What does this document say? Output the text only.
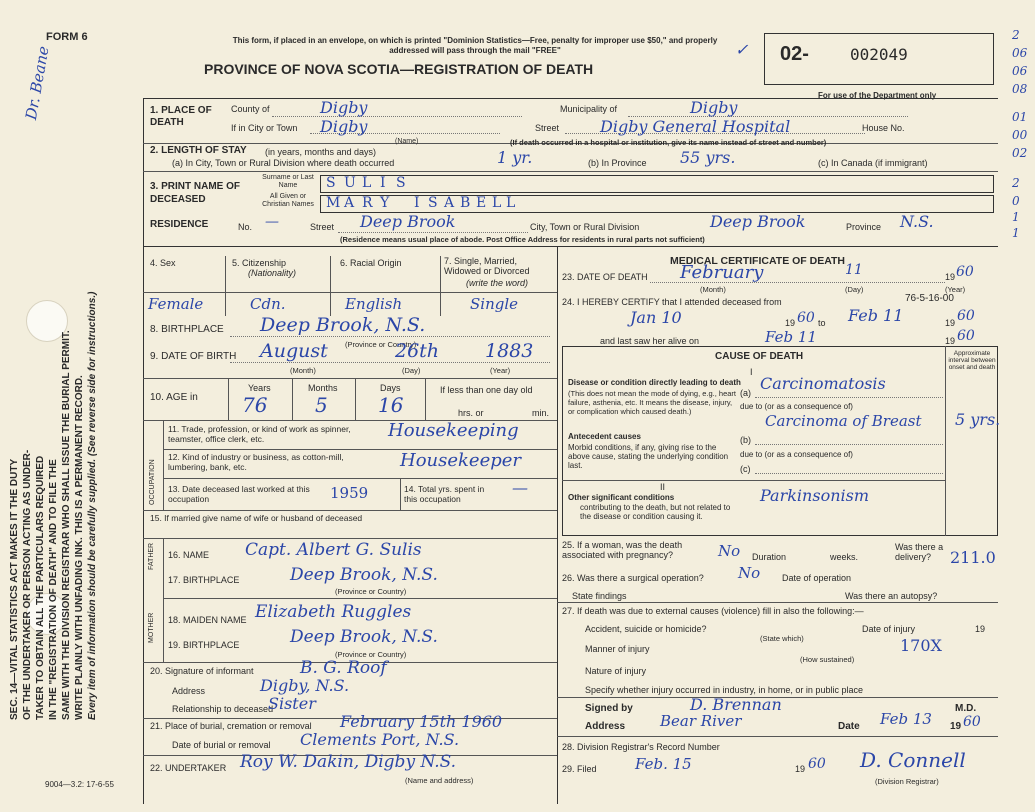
SEC. 14—VITAL STATISTICS ACT MAKES IT THE DUTY OF THE UNDERTAKER OR PERSON ACTING AS UNDER- TAKER TO OBTAIN ALL THE PARTICULARS REQUIRED IN THE "REGISTRATION OF DEATH" AND TO FILE THE SAME WITH THE DIVISION REGISTRAR WHO SHALL ISSUE THE BURIAL PERMIT. WRITE PLAINLY WITH UNFADING INK. THIS IS A PERMANENT RECORD. Every item of information should be carefully supplied. (See reverse side for instructions.)
Dr. Beane
FORM 6	This form, if placed in an envelope, on which is printed "Dominion Statistics—Free, penalty for improper use $50," and properly addressed will pass through the mail "FREE"
PROVINCE OF NOVA SCOTIA—REGISTRATION OF DEATH
02-	002049
For use of the Department only
✓
2
06
06
08
01
00
02
2
0
1
1
1. PLACE OF DEATH
County of	Digby	Municipality of	Digby
If in City or Town Digby
(Name)
Street	Digby General Hospital	House No.
(If death occurred in a hospital or institution, give its name instead of street and number)
2. LENGTH OF STAY (in years, months and days)
(a) In City, Town or Rural Division where death occurred	1 yr.	(b) In Province 55 yrs.	(c) In Canada (if immigrant)
3. PRINT NAME OF DECEASED
Surname or Last Name
All Given or Christian Names
S U L I S
M A R Y I S A B E L L
RESIDENCE	No. —	Street Deep Brook	City, Town or Rural Division	Deep Brook	Province N.S.
(Residence means usual place of abode. Post Office Address for residents in rural parts not sufficient)
4. Sex	5. Citizenship
(Nationality)
6. Racial Origin	7. Single, Married, Widowed or Divorced
(write the word)
Female	Cdn.	English	Single
8. BIRTHPLACE Deep Brook, N.S.
(Province or Country)
9. DATE OF BIRTH August	26th 1883
(Month)	(Day)	(Year)
10. AGE in
Years	Months	Days
76 5	16
If less than one day old
hrs. or	min.
OCCUPATION
11. Trade, profession, or kind of work as spinner, teamster, office clerk, etc.	Housekeeping
12. Kind of industry or business, as cotton-mill, lumbering, bank, etc.	Housekeeper
13. Date deceased last worked at this occupation	1959	14. Total yrs. spent in this occupation
—
15. If married give name of wife or husband of deceased
FATHER 16. NAME Capt. Albert G. Sulis
17. BIRTHPLACE	Deep Brook, N.S.
(Province or Country)
MOTHER 18. MAIDEN NAME Elizabeth Ruggles
19. BIRTHPLACE	Deep Brook, N.S.
(Province or Country)
20. Signature of informant	B. G. Roof
Address	Digby, N.S.
Relationship to deceased
Sister
21. Place of burial, cremation or removal February 15th 1960
Date of burial or removal Clements Port, N.S.
22. UNDERTAKER Roy W. Dakin, Digby N.S.
(Name and address)
9004—3.2: 17-6-55
MEDICAL CERTIFICATE OF DEATH
23. DATE OF DEATH February	11	19 60
(Month)	(Day)	(Year)
24. I HEREBY CERTIFY that I attended deceased from	76-5-16-00
Jan 10	19 60 to Feb 11	19 60
and last saw her alive on	Feb 11	19 60
CAUSE OF DEATH	Approximate interval between onset and death
I
Disease or condition directly leading to death
(This does not mean the mode of dying, e.g., heart failure, asthenia, etc. It means the disease, injury, or complication which caused death.)
(a) Carcinomatosis
due to (or as a consequence of)
Antecedent causes
Morbid conditions, if any, giving rise to the above cause, stating the underlying condition last.
(b)
Carcinoma of Breast 5 yrs.
due to (or as a consequence of)
(c)
II
Other significant conditions
contributing to the death, but not related to the disease or condition causing it.
Parkinsonism
25. If a woman, was the death associated with pregnancy?	No Duration	weeks.
Was there a delivery?	211.0
26. Was there a surgical operation? No Date of operation
State findings	Was there an autopsy?
27. If death was due to external causes (violence) fill in also the following:—
Accident, suicide or homicide?
(State which)
Date of injury	19
Manner of injury
(How sustained)
170X
Nature of injury
Specify whether injury occurred in industry, in home, or in public place
Signed by	D. Brennan	M.D.
Address Bear River	Date Feb 13 19 60
28. Division Registrar's Record Number
29. Filed	Feb. 15	19 60 D. Connell
(Division Registrar)
